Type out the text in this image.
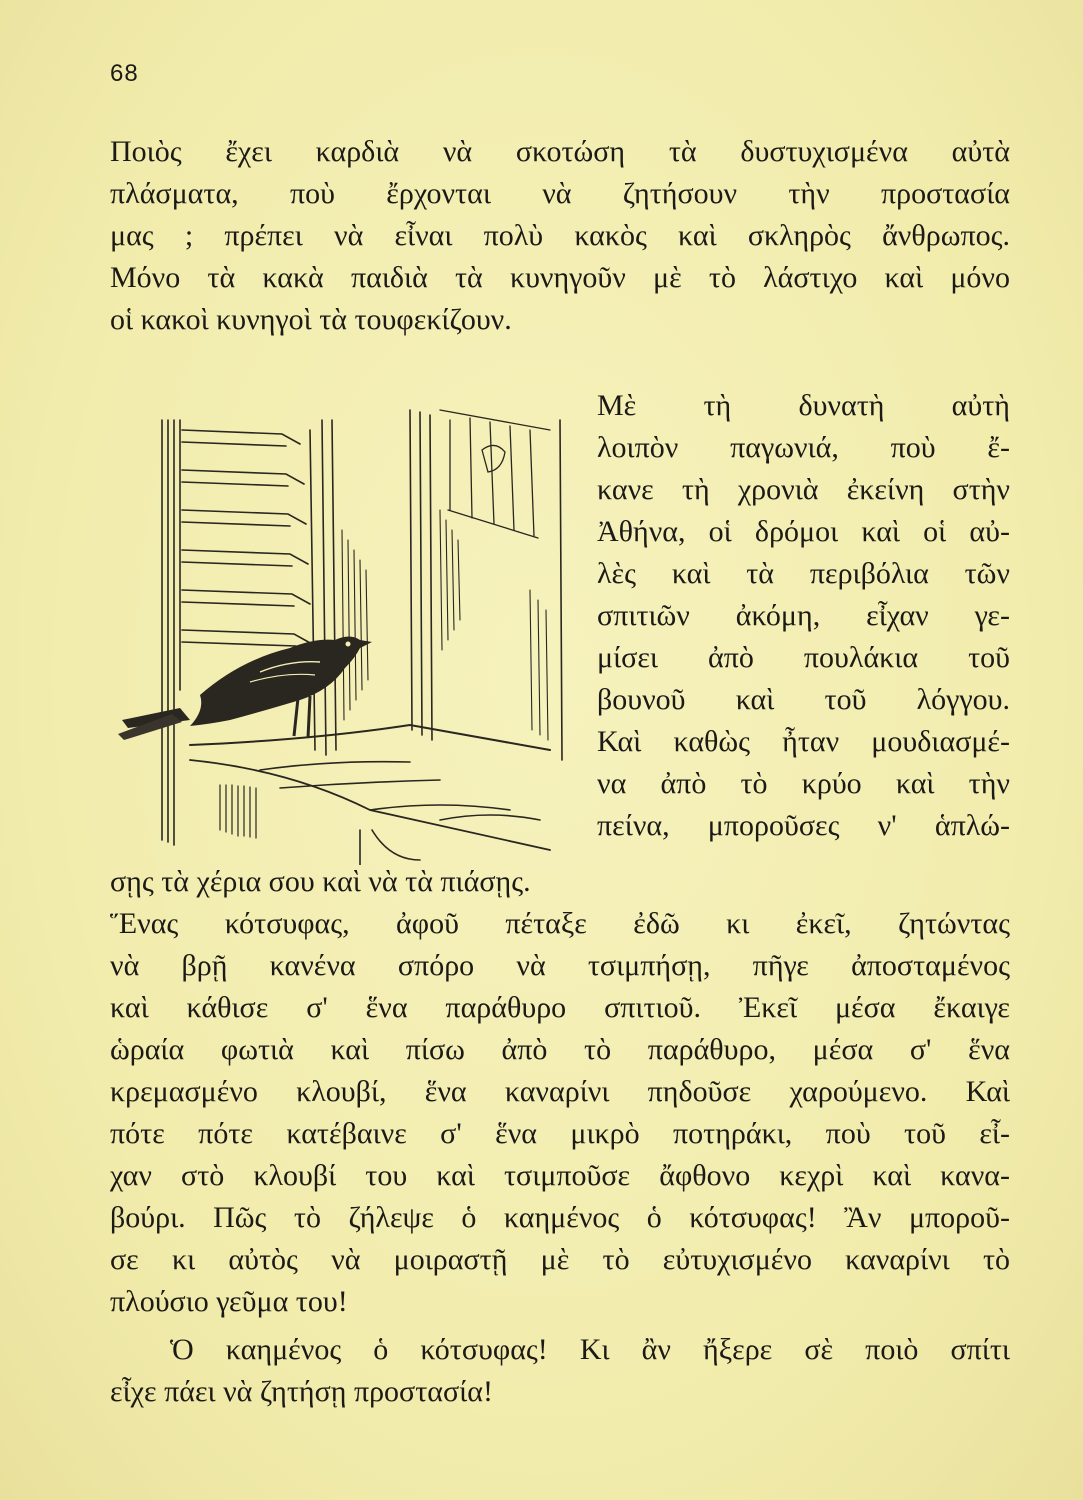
68
Ποιὸς ἔχει καρδιὰ νὰ σκοτώση τὰ δυστυχισμένα αὐτὰ
πλάσματα, ποὺ ἔρχονται νὰ ζητήσουν τὴν προστασία
μας ; πρέπει νὰ εἶναι πολὺ κακὸς καὶ σκληρὸς ἄνθρωπος.
Μόνο τὰ κακὰ παιδιὰ τὰ κυνηγοῦν μὲ τὸ λάστιχο καὶ μόνο
οἱ κακοὶ κυνηγοὶ τὰ τουφεκίζουν.
Μὲ τὴ δυνατὴ αὐτὴ
λοιπὸν παγωνιά, ποὺ ἔ-
κανε τὴ χρονιὰ ἐκείνη στὴν
Ἀθήνα, οἱ δρόμοι καὶ οἱ αὐ-
λὲς καὶ τὰ περιβόλια τῶν
σπιτιῶν ἀκόμη, εἶχαν γε-
μίσει ἀπὸ πουλάκια τοῦ
βουνοῦ καὶ τοῦ λόγγου.
Καὶ καθὼς ἦταν μουδιασμέ-
να ἀπὸ τὸ κρύο καὶ τὴν
πείνα, μποροῦσες ν' ἁπλώ-
σῃς τὰ χέρια σου καὶ νὰ τὰ πιάσῃς.
Ἕνας κότσυφας, ἀφοῦ πέταξε ἐδῶ κι ἐκεῖ, ζητώντας
νὰ βρῇ κανένα σπόρο νὰ τσιμπήσῃ, πῆγε ἀποσταμένος
καὶ κάθισε σ' ἕνα παράθυρο σπιτιοῦ. Ἐκεῖ μέσα ἔκαιγε
ὡραία φωτιὰ καὶ πίσω ἀπὸ τὸ παράθυρο, μέσα σ' ἕνα
κρεμασμένο κλουβί, ἕνα καναρίνι πηδοῦσε χαρούμενο. Καὶ
πότε πότε κατέβαινε σ' ἕνα μικρὸ ποτηράκι, ποὺ τοῦ εἶ-
χαν στὸ κλουβί του καὶ τσιμποῦσε ἄφθονο κεχρὶ καὶ κανα-
βούρι. Πῶς τὸ ζήλεψε ὁ καημένος ὁ κότσυφας! Ἂν μποροῦ-
σε κι αὐτὸς νὰ μοιραστῇ μὲ τὸ εὐτυχισμένο καναρίνι τὸ
πλούσιο γεῦμα του!
Ὁ καημένος ὁ κότσυφας! Κι ἂν ἤξερε σὲ ποιὸ σπίτι
εἶχε πάει νὰ ζητήσῃ προστασία!
